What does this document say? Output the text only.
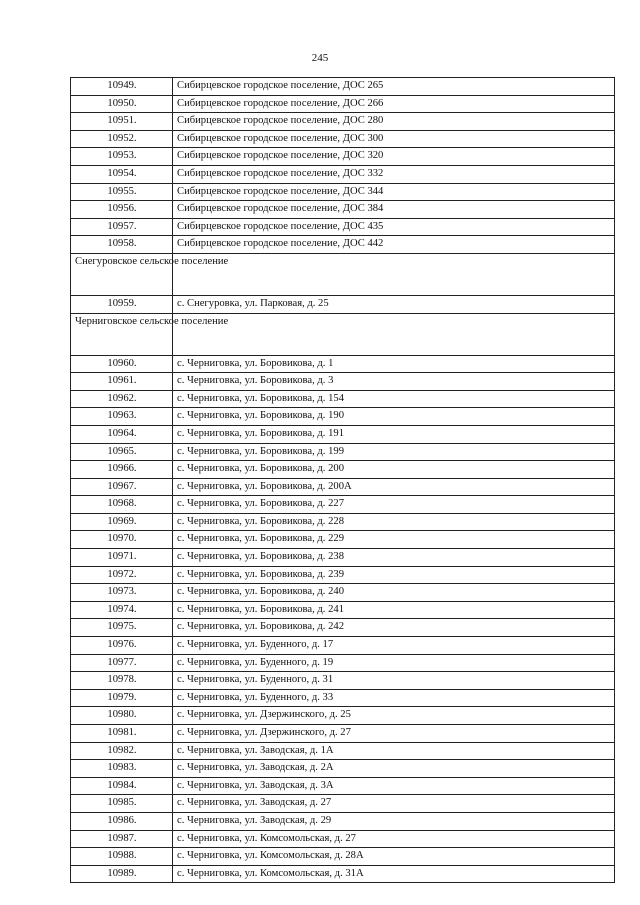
245
10949.	Сибирцевское городское поселение, ДОС 265
10950.	Сибирцевское городское поселение, ДОС 266
10951.	Сибирцевское городское поселение, ДОС 280
10952.	Сибирцевское городское поселение, ДОС 300
10953.	Сибирцевское городское поселение, ДОС 320
10954.	Сибирцевское городское поселение, ДОС 332
10955.	Сибирцевское городское поселение, ДОС 344
10956.	Сибирцевское городское поселение, ДОС 384
10957.	Сибирцевское городское поселение, ДОС 435
10958.	Сибирцевское городское поселение, ДОС 442
Снегуровское сельское поселение	
10959.	с. Снегуровка, ул. Парковая, д. 25
Черниговское сельское поселение	
10960.	с. Черниговка, ул. Боровикова, д. 1
10961.	с. Черниговка, ул. Боровикова, д. 3
10962.	с. Черниговка, ул. Боровикова, д. 154
10963.	с. Черниговка, ул. Боровикова, д. 190
10964.	с. Черниговка, ул. Боровикова, д. 191
10965.	с. Черниговка, ул. Боровикова, д. 199
10966.	с. Черниговка, ул. Боровикова, д. 200
10967.	с. Черниговка, ул. Боровикова, д. 200А
10968.	с. Черниговка, ул. Боровикова, д. 227
10969.	с. Черниговка, ул. Боровикова, д. 228
10970.	с. Черниговка, ул. Боровикова, д. 229
10971.	с. Черниговка, ул. Боровикова, д. 238
10972.	с. Черниговка, ул. Боровикова, д. 239
10973.	с. Черниговка, ул. Боровикова, д. 240
10974.	с. Черниговка, ул. Боровикова, д. 241
10975.	с. Черниговка, ул. Боровикова, д. 242
10976.	с. Черниговка, ул. Буденного, д. 17
10977.	с. Черниговка, ул. Буденного, д. 19
10978.	с. Черниговка, ул. Буденного, д. 31
10979.	с. Черниговка, ул. Буденного, д. 33
10980.	с. Черниговка, ул. Дзержинского, д. 25
10981.	с. Черниговка, ул. Дзержинского, д. 27
10982.	с. Черниговка, ул. Заводская, д. 1А
10983.	с. Черниговка, ул. Заводская, д. 2А
10984.	с. Черниговка, ул. Заводская, д. 3А
10985.	с. Черниговка, ул. Заводская, д. 27
10986.	с. Черниговка, ул. Заводская, д. 29
10987.	с. Черниговка, ул. Комсомольская, д. 27
10988.	с. Черниговка, ул. Комсомольская, д. 28А
10989.	с. Черниговка, ул. Комсомольская, д. 31А
